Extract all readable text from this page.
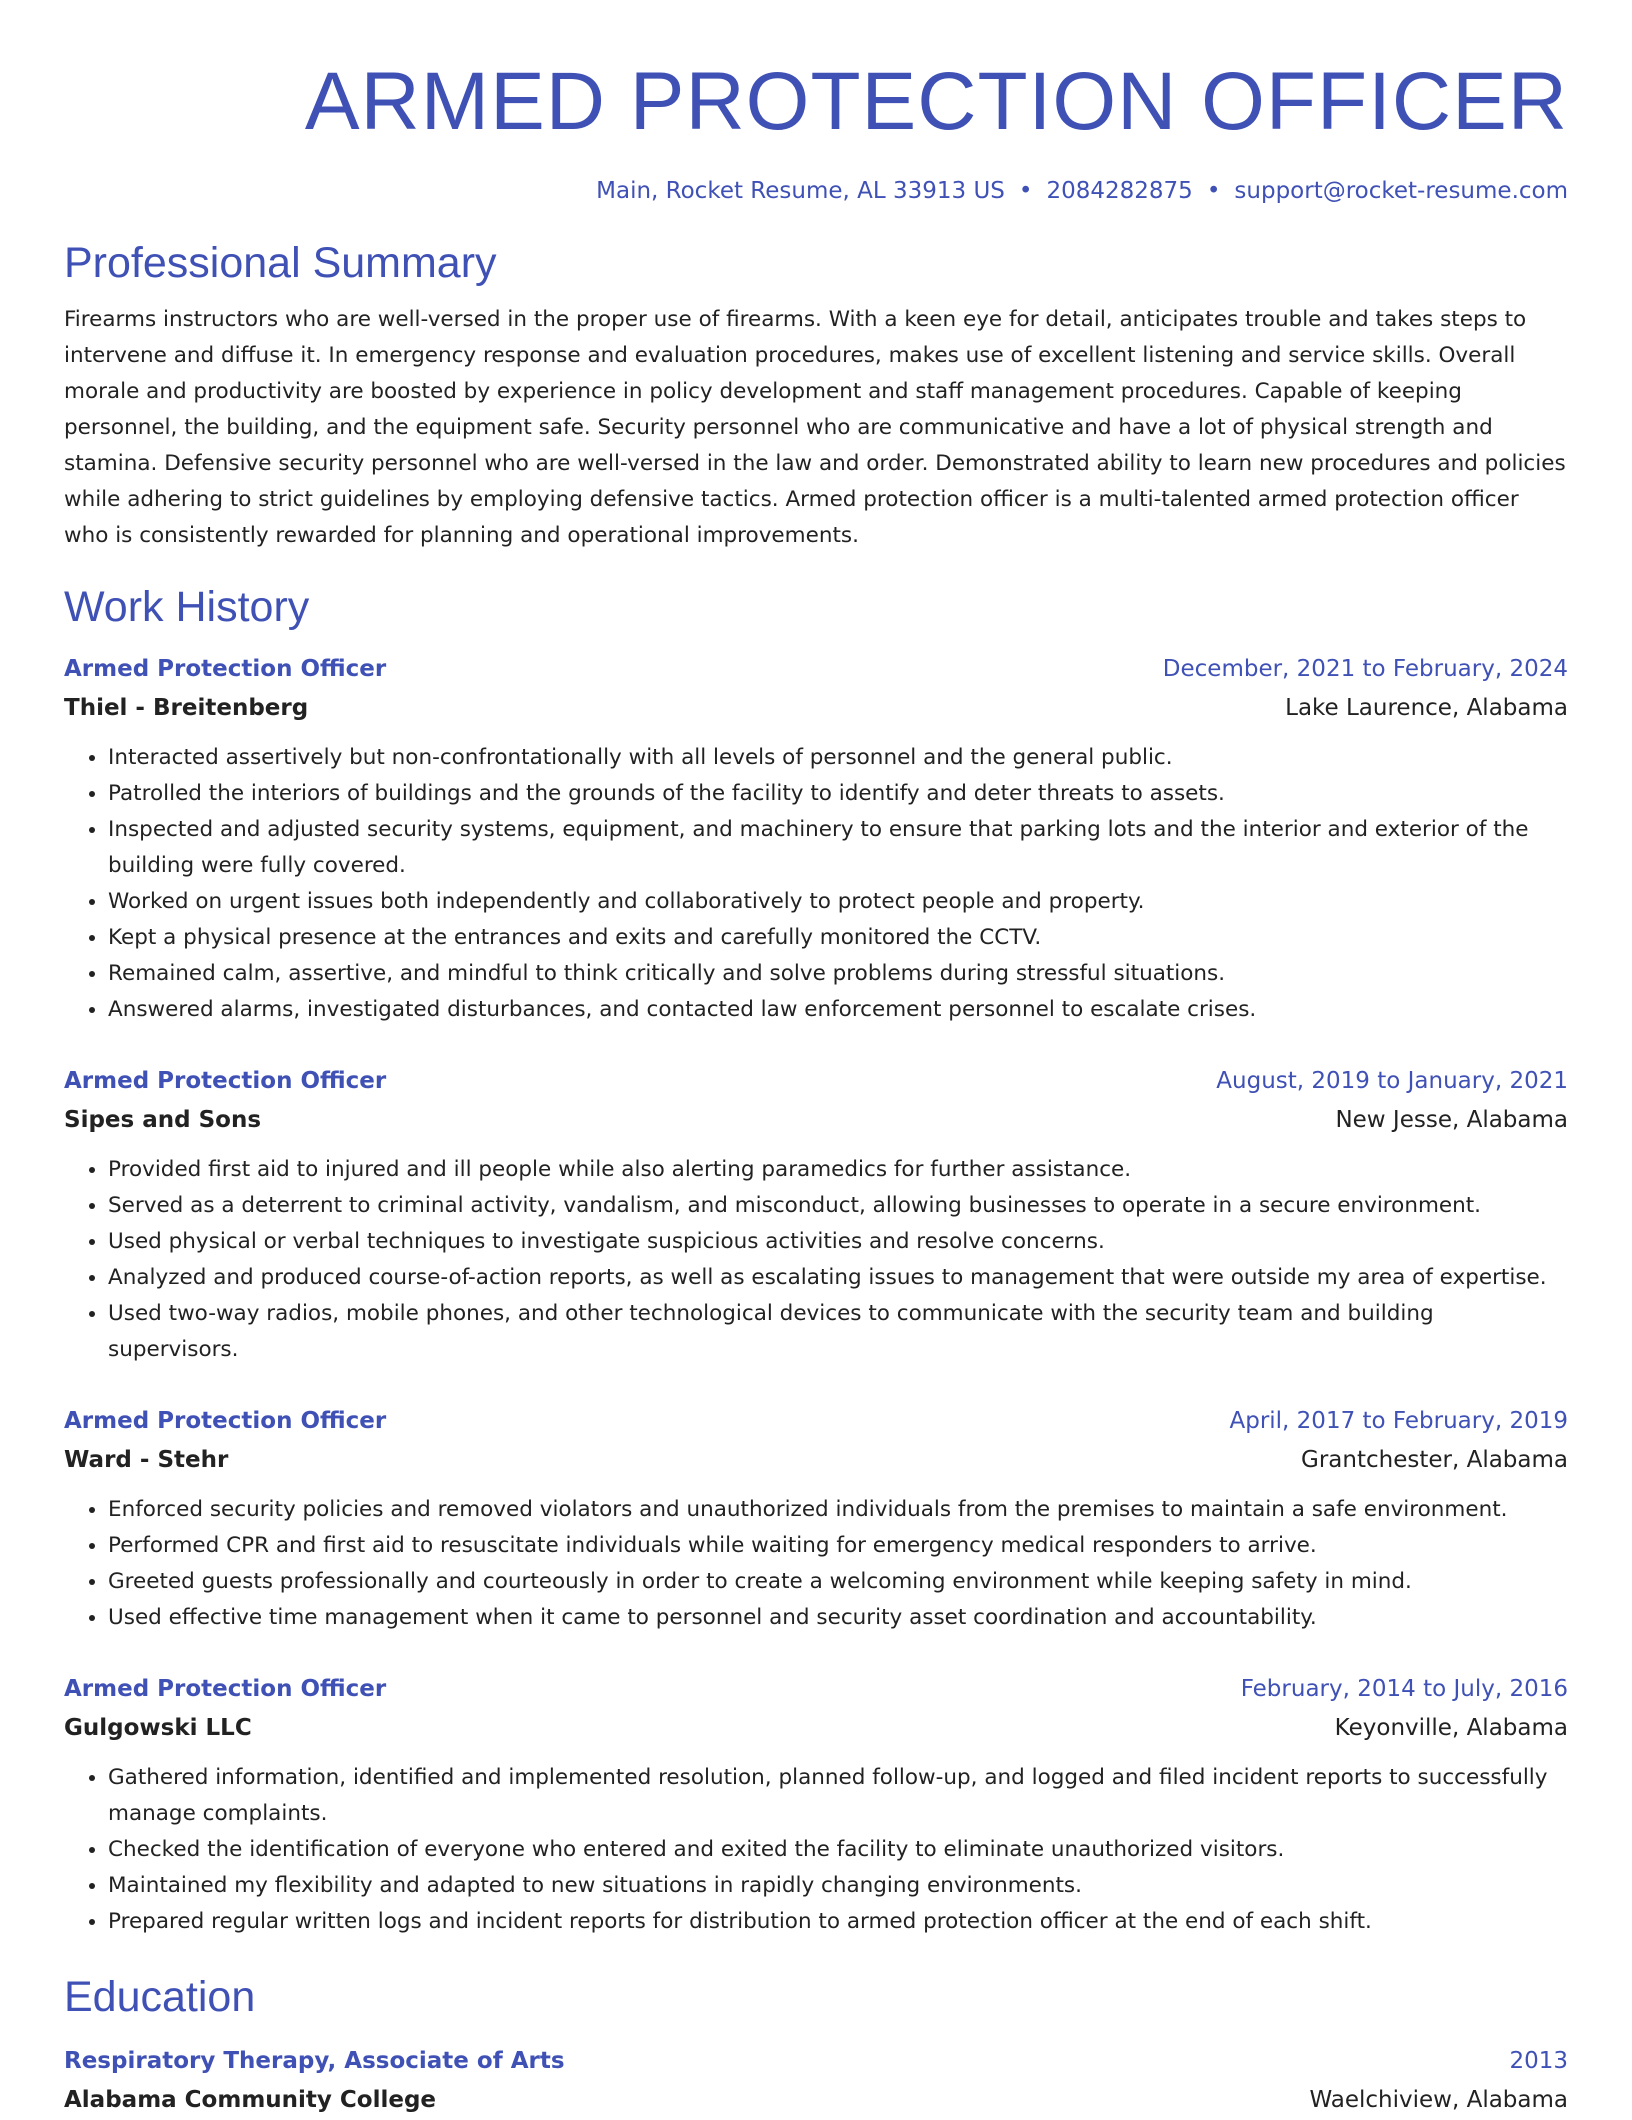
ARMED PROTECTION OFFICER
Main, Rocket Resume, AL 33913 US • 2084282875 • support@rocket-resume.com
Professional Summary

Firearms instructors who are well-versed in the proper use of firearms. With a keen eye for detail, anticipates trouble and takes steps to intervene and diffuse it. In emergency response and evaluation procedures, makes use of excellent listening and service skills. Overall morale and productivity are boosted by experience in policy development and staff management procedures. Capable of keeping personnel, the building, and the equipment safe. Security personnel who are communicative and have a lot of physical strength and stamina. Defensive security personnel who are well-versed in the law and order. Demonstrated ability to learn new procedures and policies while adhering to strict guidelines by employing defensive tactics. Armed protection officer is a multi-talented armed protection officer who is consistently rewarded for planning and operational improvements.

Work History
Armed Protection Officer	December, 2021 to February, 2024
Thiel - Breitenberg	Lake Laurence, Alabama
• Interacted assertively but non-confrontationally with all levels of personnel and the general public.
• Patrolled the interiors of buildings and the grounds of the facility to identify and deter threats to assets.
• Inspected and adjusted security systems, equipment, and machinery to ensure that parking lots and the interior and exterior of the building were fully covered.
• Worked on urgent issues both independently and collaboratively to protect people and property.
• Kept a physical presence at the entrances and exits and carefully monitored the CCTV.
• Remained calm, assertive, and mindful to think critically and solve problems during stressful situations.
• Answered alarms, investigated disturbances, and contacted law enforcement personnel to escalate crises.
Armed Protection Officer	August, 2019 to January, 2021
Sipes and Sons	New Jesse, Alabama
• Provided first aid to injured and ill people while also alerting paramedics for further assistance.
• Served as a deterrent to criminal activity, vandalism, and misconduct, allowing businesses to operate in a secure environment.
• Used physical or verbal techniques to investigate suspicious activities and resolve concerns.
• Analyzed and produced course-of-action reports, as well as escalating issues to management that were outside my area of expertise.
• Used two-way radios, mobile phones, and other technological devices to communicate with the security team and building supervisors.
Armed Protection Officer	April, 2017 to February, 2019
Ward - Stehr	Grantchester, Alabama
• Enforced security policies and removed violators and unauthorized individuals from the premises to maintain a safe environment.
• Performed CPR and first aid to resuscitate individuals while waiting for emergency medical responders to arrive.
• Greeted guests professionally and courteously in order to create a welcoming environment while keeping safety in mind.
• Used effective time management when it came to personnel and security asset coordination and accountability.
Armed Protection Officer	February, 2014 to July, 2016
Gulgowski LLC	Keyonville, Alabama
• Gathered information, identified and implemented resolution, planned follow-up, and logged and filed incident reports to successfully manage complaints.
• Checked the identification of everyone who entered and exited the facility to eliminate unauthorized visitors.
• Maintained my flexibility and adapted to new situations in rapidly changing environments.
• Prepared regular written logs and incident reports for distribution to armed protection officer at the end of each shift.
Education
Respiratory Therapy, Associate of Arts	2013
Alabama Community College	Waelchiview, Alabama
